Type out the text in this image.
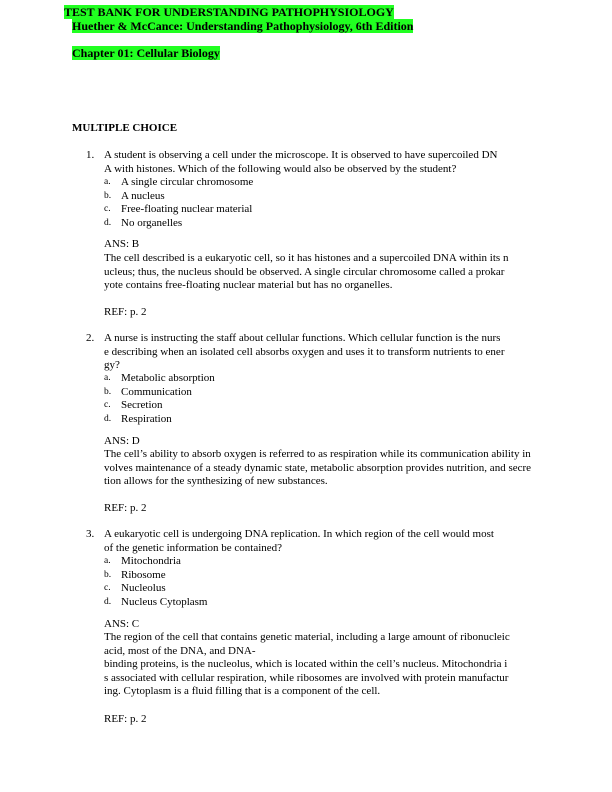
TEST BANK FOR UNDERSTANDING PATHOPHYSIOLOGY
Huether & McCance: Understanding Pathophysiology, 6th Edition
Chapter 01: Cellular Biology
MULTIPLE CHOICE
1. A student is observing a cell under the microscope. It is observed to have supercoiled DN
A with histones. Which of the following would also be observed by the student?
a. A single circular chromosome
b. A nucleus
c. Free-floating nuclear material
d. No organelles
ANS: B
The cell described is a eukaryotic cell, so it has histones and a supercoiled DNA within its n
ucleus; thus, the nucleus should be observed. A single circular chromosome called a prokar
yote contains free-floating nuclear material but has no organelles.
REF: p. 2
2. A nurse is instructing the staff about cellular functions. Which cellular function is the nurs
e describing when an isolated cell absorbs oxygen and uses it to transform nutrients to ener
gy?
a. Metabolic absorption
b. Communication
c. Secretion
d. Respiration
ANS: D
The cell’s ability to absorb oxygen is referred to as respiration while its communication ability in
volves maintenance of a steady dynamic state, metabolic absorption provides nutrition, and secre
tion allows for the synthesizing of new substances.
REF: p. 2
3. A eukaryotic cell is undergoing DNA replication. In which region of the cell would most
of the genetic information be contained?
a. Mitochondria
b. Ribosome
c. Nucleolus
d. Nucleus Cytoplasm
ANS: C
The region of the cell that contains genetic material, including a large amount of ribonucleic
acid, most of the DNA, and DNA-
binding proteins, is the nucleolus, which is located within the cell’s nucleus. Mitochondria i
s associated with cellular respiration, while ribosomes are involved with protein manufactur
ing. Cytoplasm is a fluid filling that is a component of the cell.
REF: p. 2
